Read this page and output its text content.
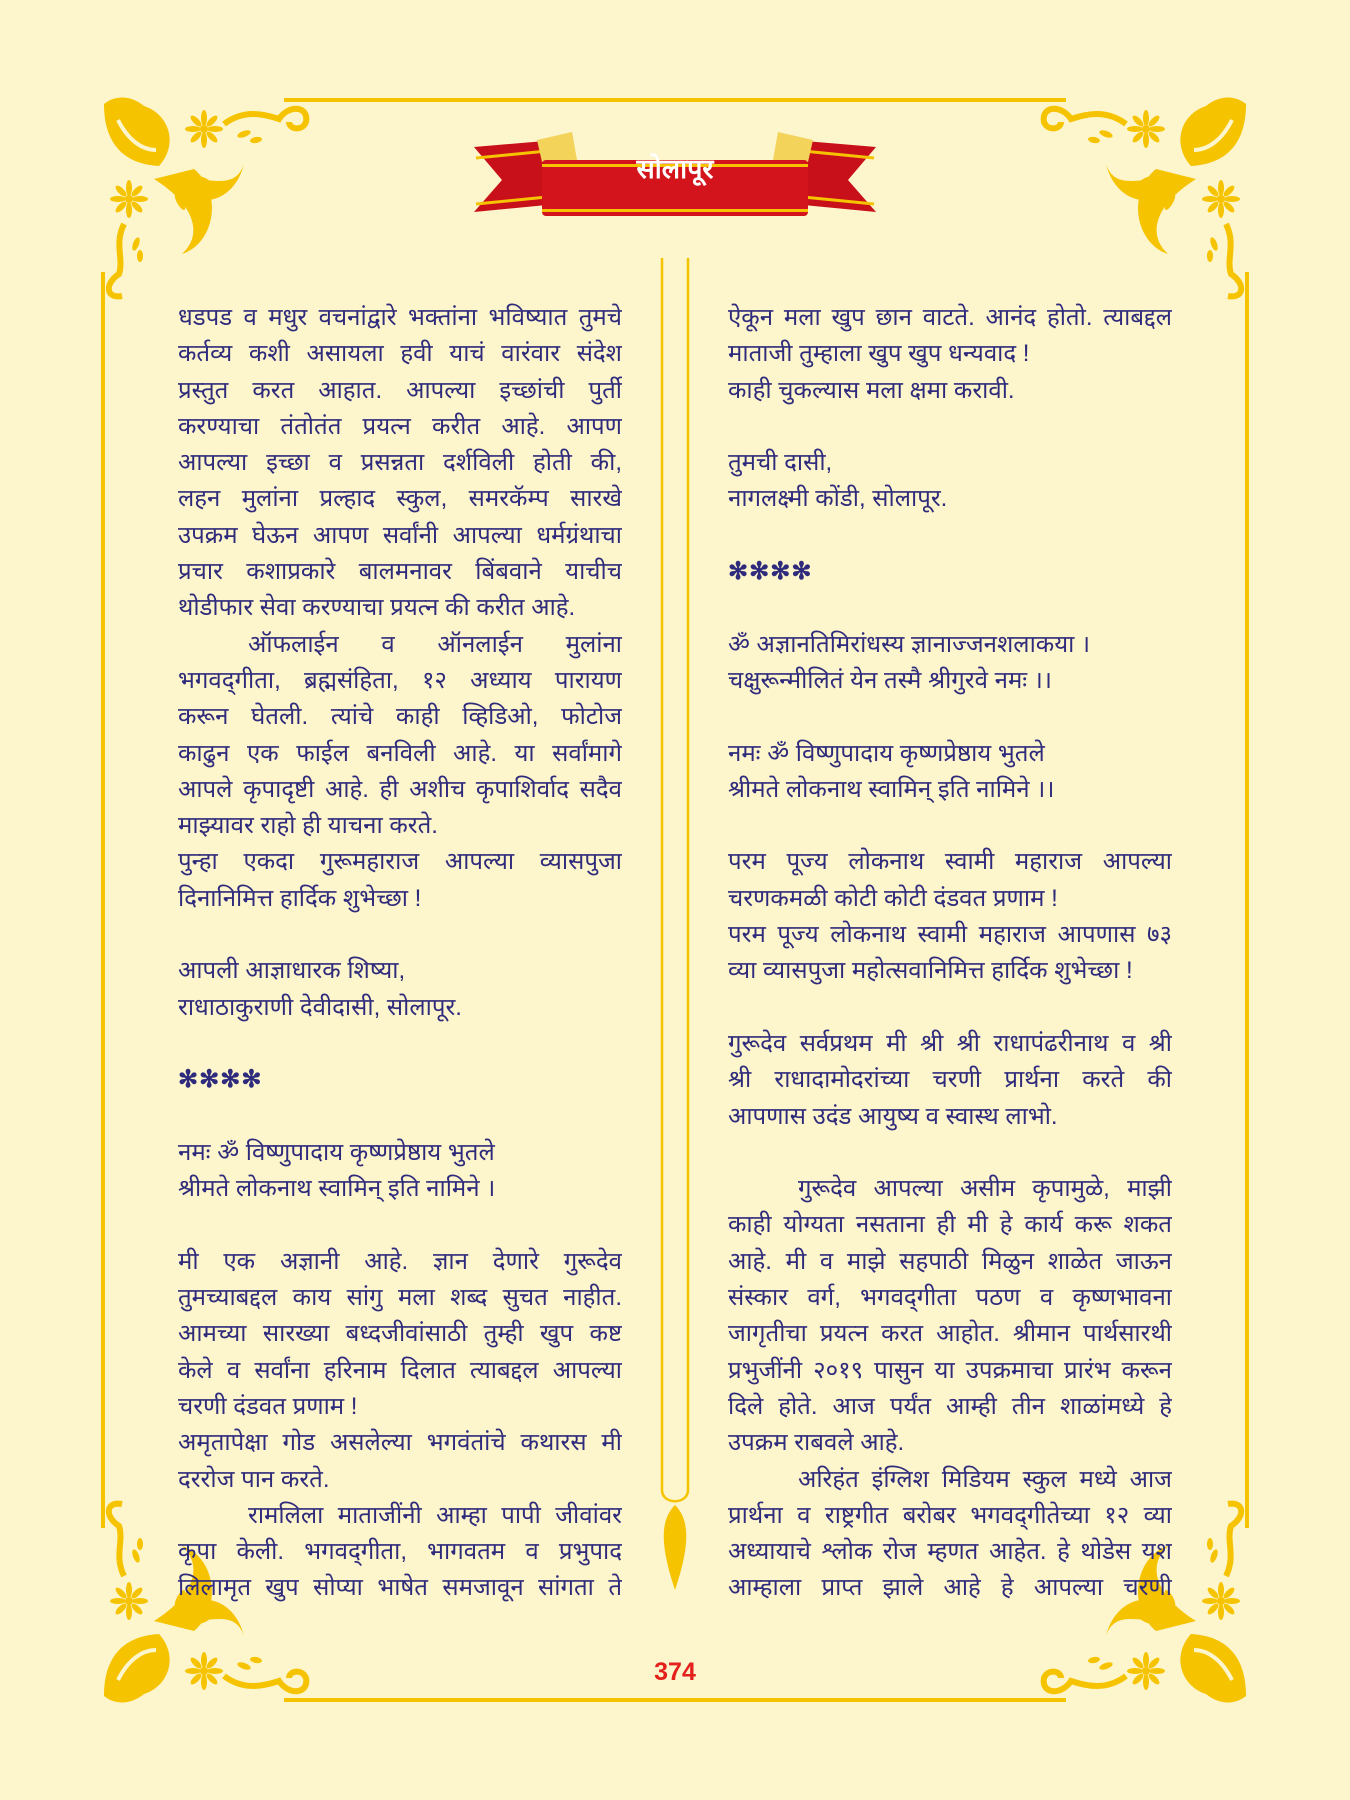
सोलापूर
धडपड व मधुर वचनांद्वारे भक्तांना भविष्यात तुमचे
कर्तव्य कशी असायला हवी याचं वारंवार संदेश
प्रस्तुत करत आहात. आपल्या इच्छांची पुर्ती
करण्याचा तंतोतंत प्रयत्न करीत आहे. आपण
आपल्या इच्छा व प्रसन्नता दर्शविली होती की,
लहन मुलांना प्रल्हाद स्कुल, समरकॅम्प सारखे
उपक्रम घेऊन आपण सर्वांनी आपल्या धर्मग्रंथाचा
प्रचार कशाप्रकारे बालमनावर बिंबवाने याचीच
थोडीफार सेवा करण्याचा प्रयत्न की करीत आहे.
ऑफलाईन व ऑनलाईन मुलांना
भगवद्‌गीता, ब्रह्मसंहिता, १२ अध्याय पारायण
करून घेतली. त्यांचे काही व्हिडिओ, फोटोज
काढुन एक फाईल बनविली आहे. या सर्वांमागे
आपले कृपादृष्टी आहे. ही अशीच कृपाशिर्वाद सदैव
माझ्यावर राहो ही याचना करते.
पुन्हा एकदा गुरूमहाराज आपल्या व्यासपुजा
दिनानिमित्त हार्दिक शुभेच्छा !
आपली आज्ञाधारक शिष्या,
राधाठाकुराणी देवीदासी, सोलापूर.
✻✻✻✻
नमः ॐ विष्णुपादाय कृष्णप्रेष्ठाय भुतले
श्रीमते लोकनाथ स्वामिन् इति नामिने ।
मी एक अज्ञानी आहे. ज्ञान देणारे गुरूदेव
तुमच्याबद्दल काय सांगु मला शब्द सुचत नाहीत.
आमच्या सारख्या बध्दजीवांसाठी तुम्ही खुप कष्ट
केले व सर्वांना हरिनाम दिलात त्याबद्दल आपल्या
चरणी दंडवत प्रणाम !
अमृतापेक्षा गोड असलेल्या भगवंतांचे कथारस मी
दररोज पान करते.
रामलिला माताजींनी आम्हा पापी जीवांवर
कृपा केली. भगवद्‌गीता, भागवतम व प्रभुपाद
लिलामृत खुप सोप्या भाषेत समजावून सांगता ते
ऐकून मला खुप छान वाटते. आनंद होतो. त्याबद्दल
माताजी तुम्हाला खुप खुप धन्यवाद !
काही चुकल्यास मला क्षमा करावी.
तुमची दासी,
नागलक्ष्मी कोंडी, सोलापूर.
✻✻✻✻
ॐ अज्ञानतिमिरांधस्य ज्ञानाज्जनशलाकया ।
चक्षुरून्मीलितं येन तस्मै श्रीगुरवे नमः ।।
नमः ॐ विष्णुपादाय कृष्णप्रेष्ठाय भुतले
श्रीमते लोकनाथ स्वामिन् इति नामिने ।।
परम पूज्य लोकनाथ स्वामी महाराज आपल्या
चरणकमळी कोटी कोटी दंडवत प्रणाम !
परम पूज्य लोकनाथ स्वामी महाराज आपणास ७३
व्या व्यासपुजा महोत्सवानिमित्त हार्दिक शुभेच्छा !
गुरूदेव सर्वप्रथम मी श्री श्री राधापंढरीनाथ व श्री
श्री राधादामोदरांच्या चरणी प्रार्थना करते की
आपणास उदंड आयुष्य व स्वास्थ लाभो.
गुरूदेव आपल्या असीम कृपामुळे, माझी
काही योग्यता नसताना ही मी हे कार्य करू शकत
आहे. मी व माझे सहपाठी मिळुन शाळेत जाऊन
संस्कार वर्ग, भगवद्‌गीता पठण व कृष्णभावना
जागृतीचा प्रयत्न करत आहोत. श्रीमान पार्थसारथी
प्रभुजींनी २०१९ पासुन या उपक्रमाचा प्रारंभ करून
दिले होते. आज पर्यंत आम्ही तीन शाळांमध्ये हे
उपक्रम राबवले आहे.
अरिहंत इंग्लिश मिडियम स्कुल मध्ये आज
प्रार्थना व राष्ट्रगीत बरोबर भगवद्‌गीतेच्या १२ व्या
अध्यायाचे श्लोक रोज म्हणत आहेत. हे थोडेस यश
आम्हाला प्राप्त झाले आहे हे आपल्या चरणी
374
